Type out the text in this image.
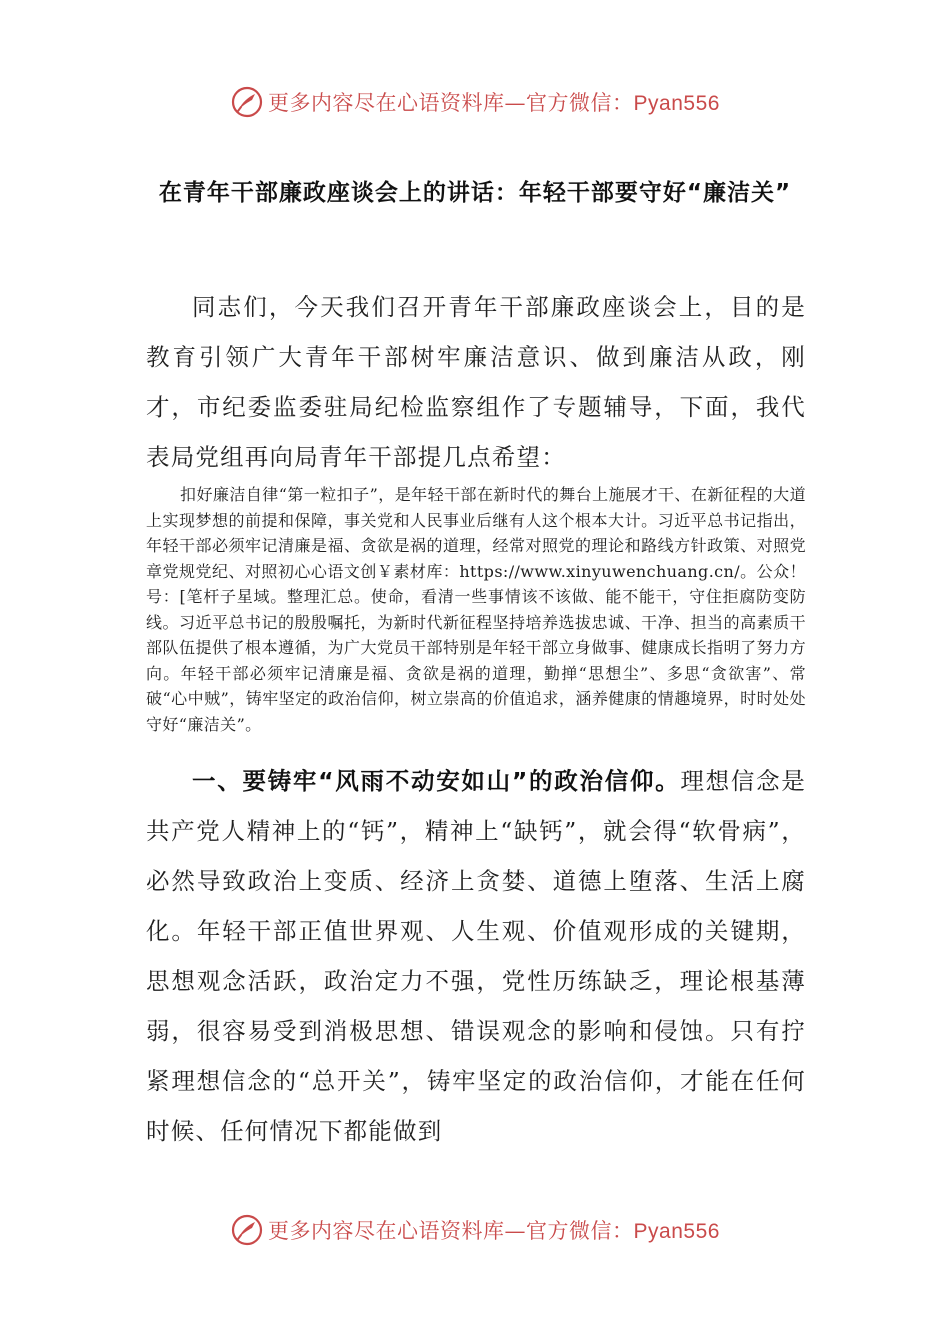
更多内容尽在心语资料库—官方微信：Pyan556
在青年干部廉政座谈会上的讲话：年轻干部要守好“廉洁关”

同志们，今天我们召开青年干部廉政座谈会上，目的是教育引领广大青年干部树牢廉洁意识、做到廉洁从政，刚才，市纪委监委驻局纪检监察组作了专题辅导，下面，我代表局党组再向局青年干部提几点希望：

扣好廉洁自律“第一粒扣子”，是年轻干部在新时代的舞台上施展才干、在新征程的大道上实现梦想的前提和保障，事关党和人民事业后继有人这个根本大计。习近平总书记指出，年轻干部必须牢记清廉是福、贪欲是祸的道理，经常对照党的理论和路线方针政策、对照党章党规党纪、对照初心心语文创￥素材库：https://www.xinyuwenchuang.cn/。公众！号：[笔杆子星域。整理汇总。使命，看清一些事情该不该做、能不能干，守住拒腐防变防线。习近平总书记的殷殷嘱托，为新时代新征程坚持培养选拔忠诚、干净、担当的高素质干部队伍提供了根本遵循，为广大党员干部特别是年轻干部立身做事、健康成长指明了努力方向。年轻干部必须牢记清廉是福、贪欲是祸的道理，勤掸“思想尘”、多思“贪欲害”、常破“心中贼”，铸牢坚定的政治信仰，树立崇高的价值追求，涵养健康的情趣境界，时时处处守好“廉洁关”。

一、要铸牢“风雨不动安如山”的政治信仰。理想信念是共产党人精神上的“钙”，精神上“缺钙”，就会得“软骨病”，必然导致政治上变质、经济上贪婪、道德上堕落、生活上腐化。年轻干部正值世界观、人生观、价值观形成的关键期，思想观念活跃，政治定力不强，党性历练缺乏，理论根基薄弱，很容易受到消极思想、错误观念的影响和侵蚀。只有拧紧理想信念的“总开关”，铸牢坚定的政治信仰，才能在任何时候、任何情况下都能做到

更多内容尽在心语资料库—官方微信：Pyan556
